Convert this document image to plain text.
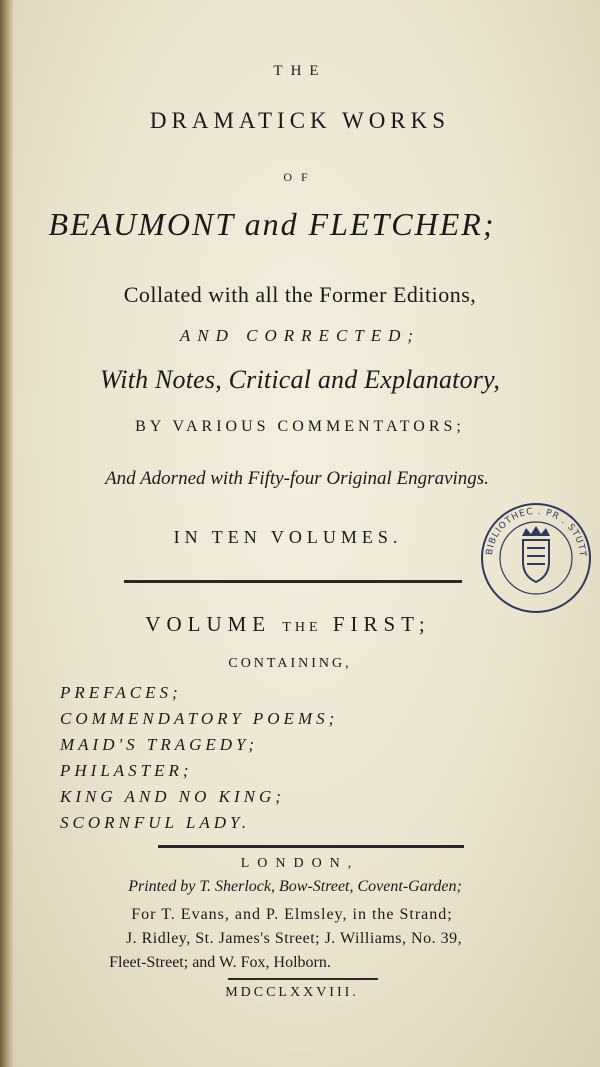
THE
DRAMATICK WORKS
OF
BEAUMONT and FLETCHER;
Collated with all the Former Editions,
AND CORRECTED;
With Notes, Critical and Explanatory,
BY VARIOUS COMMENTATORS;
And Adorned with Fifty-four Original Engravings.
IN TEN VOLUMES.
VOLUME THE FIRST;
CONTAINING,
PREFACES;
COMMENDATORY POEMS;
MAID'S TRAGEDY;
PHILASTER;
KING AND NO KING;
SCORNFUL LADY.
LONDON,
Printed by T. Sherlock, Bow-Street, Covent-Garden;
For T. Evans, and P. Elmsley, in the Strand;
J. Ridley, St. James's Street; J. Williams, No. 39,
Fleet-Street; and W. Fox, Holborn.
MDCCLXXVIII.
BIBLIOTHEC . PR . STUTT
